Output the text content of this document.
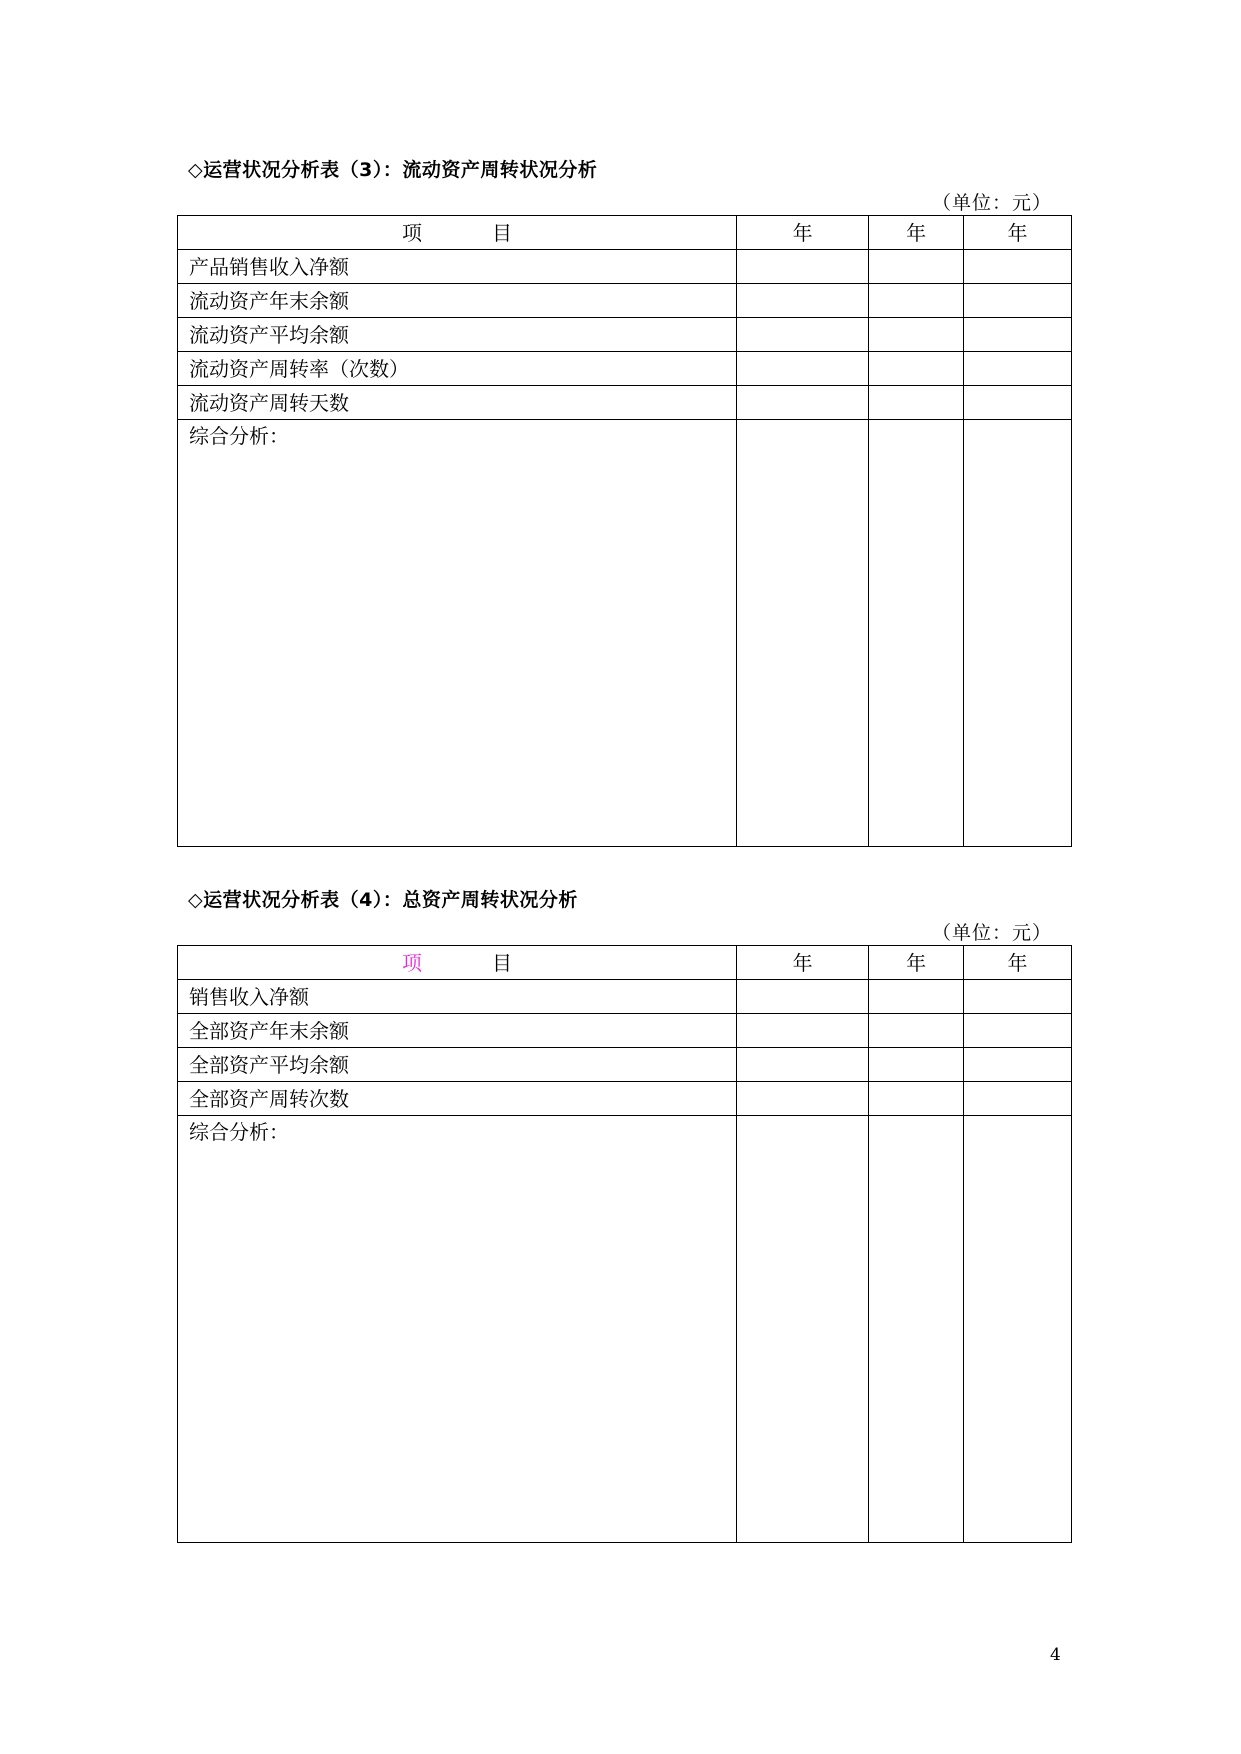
◇运营状况分析表（3）：流动资产周转状况分析
（单位：元）
项 目	年	年	年
产品销售收入净额			
流动资产年末余额			
流动资产平均余额			
流动资产周转率（次数）			
流动资产周转天数			
综合分析：			
◇运营状况分析表（4）：总资产周转状况分析
（单位：元）
项 目	年	年	年
销售收入净额			
全部资产年末余额			
全部资产平均余额			
全部资产周转次数			
综合分析：			
4
